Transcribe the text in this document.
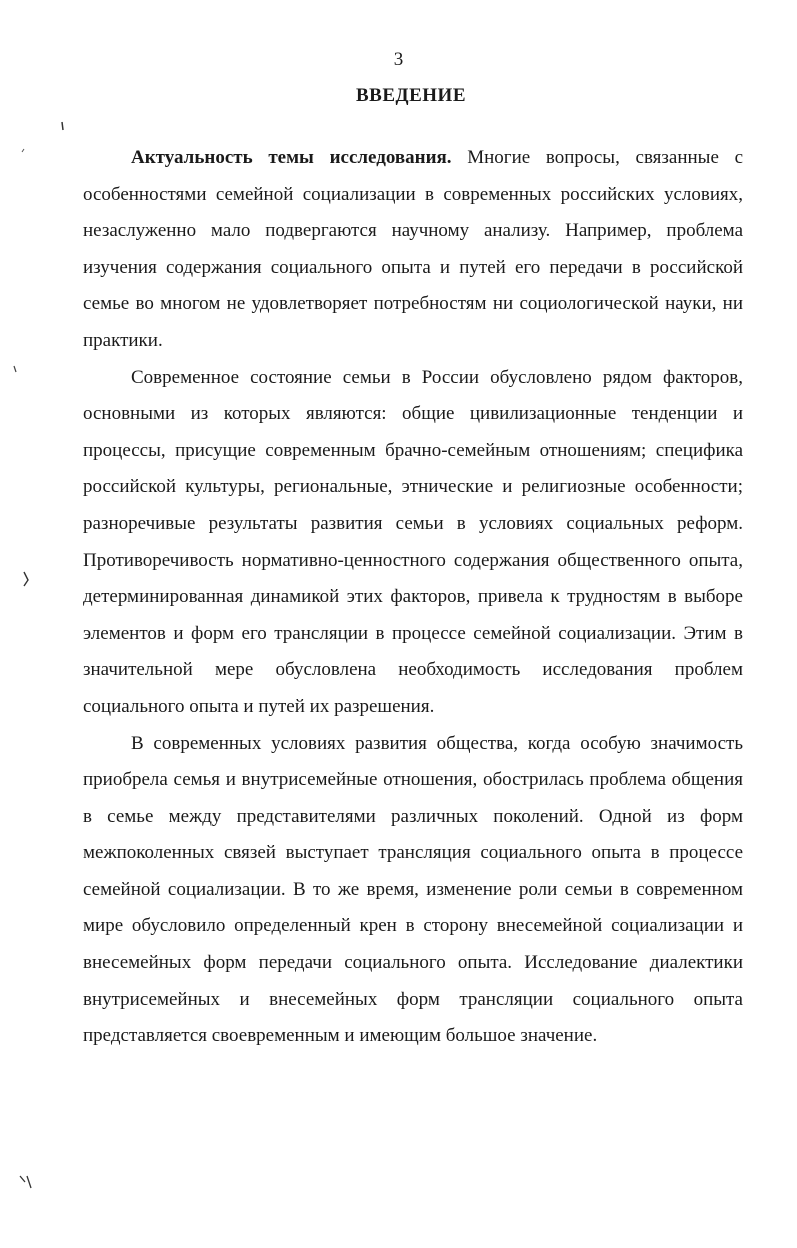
3
ВВЕДЕНИЕ

Актуальность темы исследования. Многие вопросы, связанные с особенностями семейной социализации в современных российских условиях, незаслуженно мало подвергаются научному анализу. Например, проблема изучения содержания социального опыта и путей его передачи в российской семье во многом не удовлетворяет потребностям ни социологической науки, ни практики.

Современное состояние семьи в России обусловлено рядом факторов, основными из которых являются: общие цивилизационные тенденции и процессы, присущие современным брачно-семейным отношениям; специфика российской культуры, региональные, этнические и религиозные особенности; разноречивые результаты развития семьи в условиях социальных реформ. Противоречивость нормативно-ценностного содержания общественного опыта, детерминированная динамикой этих факторов, привела к трудностям в выборе элементов и форм его трансляции в процессе семейной социализации. Этим в значительной мере обусловлена необходимость исследования проблем социального опыта и путей их разрешения.

В современных условиях развития общества, когда особую значимость приобрела семья и внутрисемейные отношения, обострилась проблема общения в семье между представителями различных поколений. Одной из форм межпоколенных связей выступает трансляция социального опыта в процессе семейной социализации. В то же время, изменение роли семьи в современном мире обусловило определенный крен в сторону внесемейной социализации и внесемейных форм передачи социального опыта. Исследование диалектики внутрисемейных и внесемейных форм трансляции социального опыта представляется своевременным и имеющим большое значение.
